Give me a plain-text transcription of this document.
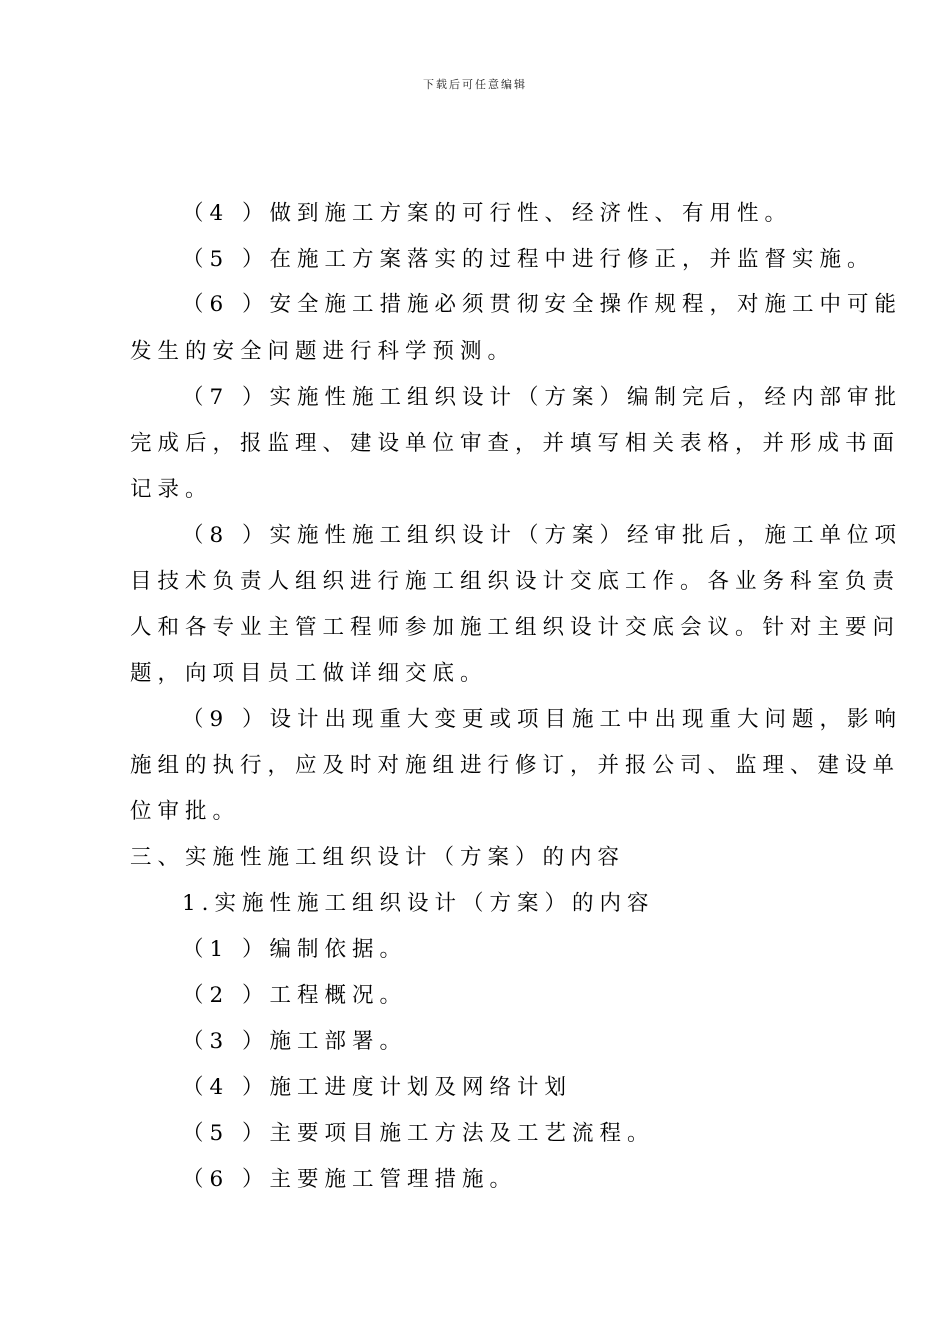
下载后可任意编辑
（4 ）做到施工方案的可行性、经济性、有用性。
（5 ）在施工方案落实的过程中进行修正，并监督实施。
（6 ）安全施工措施必须贯彻安全操作规程，对施工中可能
发生的安全问题进行科学预测。
（7 ）实施性施工组织设计（方案）编制完后，经内部审批
完成后，报监理、建设单位审查，并填写相关表格，并形成书面
记录。
（8 ）实施性施工组织设计（方案）经审批后，施工单位项
目技术负责人组织进行施工组织设计交底工作。各业务科室负责
人和各专业主管工程师参加施工组织设计交底会议。针对主要问
题，向项目员工做详细交底。
（9 ）设计出现重大变更或项目施工中出现重大问题，影响
施组的执行，应及时对施组进行修订，并报公司、监理、建设单
位审批。
三、实施性施工组织设计（方案）的内容
1.实施性施工组织设计（方案）的内容
（1 ）编制依据。
（2 ）工程概况。
（3 ）施工部署。
（4 ）施工进度计划及网络计划
（5 ）主要项目施工方法及工艺流程。
（6 ）主要施工管理措施。
